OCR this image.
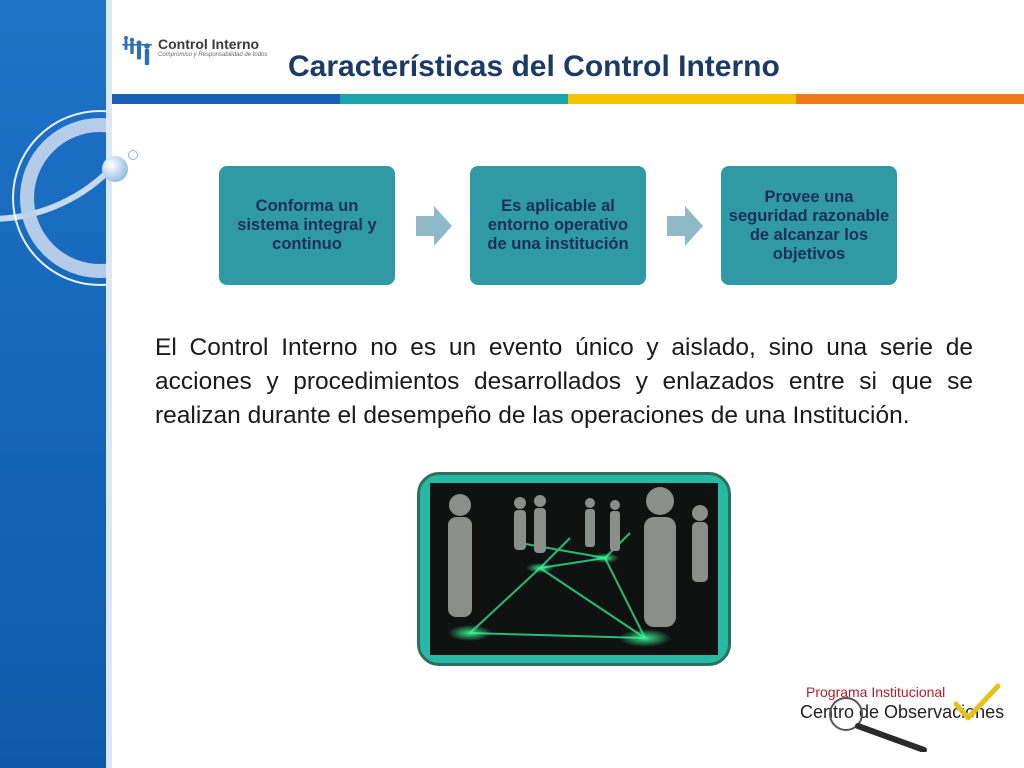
Control Interno
Compromiso y Responsabilidad de todos Características del Control Interno
Conforma un sistema integral y continuo
Es aplicable al entorno operativo de una institución
Provee una seguridad razonable de alcanzar los objetivos
El Control Interno no es un evento único y aislado, sino una serie de acciones y procedimientos desarrollados y enlazados entre si que se realizan durante el desempeño de las operaciones de una Institución.
Programa Institucional
Centro de Observaciones
